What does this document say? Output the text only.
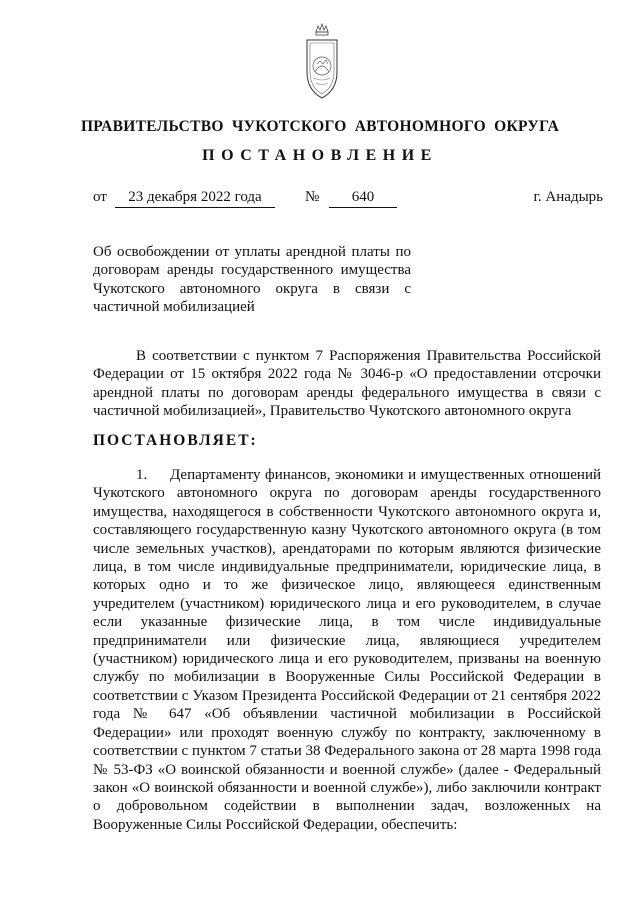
ПРАВИТЕЛЬСТВО ЧУКОТСКОГО АВТОНОМНОГО ОКРУГА
ПОСТАНОВЛЕНИЕ
от	23 декабря 2022 года	№	640	г. Анадырь

Об освобождении от уплаты арендной платы по договорам аренды государственного имущества Чукотского автономного округа в связи с частичной мобилизацией

В соответствии с пунктом 7 Распоряжения Правительства Российской Федерации от 15 октября 2022 года № 3046-р «О предоставлении отсрочки арендной платы по договорам аренды федерального имущества в связи с частичной мобилизацией», Правительство Чукотского автономного округа

ПОСТАНОВЛЯЕТ:

1. Департаменту финансов, экономики и имущественных отношений Чукотского автономного округа по договорам аренды государственного имущества, находящегося в собственности Чукотского автономного округа и, составляющего государственную казну Чукотского автономного округа (в том числе земельных участков), арендаторами по которым являются физические лица, в том числе индивидуальные предприниматели, юридические лица, в которых одно и то же физическое лицо, являющееся единственным учредителем (участником) юридического лица и его руководителем, в случае если указанные физические лица, в том числе индивидуальные предприниматели или физические лица, являющиеся учредителем (участником) юридического лица и его руководителем, призваны на военную службу по мобилизации в Вооруженные Силы Российской Федерации в соответствии с Указом Президента Российской Федерации от 21 сентября 2022 года № 647 «Об объявлении частичной мобилизации в Российской Федерации» или проходят военную службу по контракту, заключенному в соответствии с пунктом 7 статьи 38 Федерального закона от 28 марта 1998 года № 53-ФЗ «О воинской обязанности и военной службе» (далее - Федеральный закон «О воинской обязанности и военной службе»), либо заключили контракт о добровольном содействии в выполнении задач, возложенных на Вооруженные Силы Российской Федерации, обеспечить:
